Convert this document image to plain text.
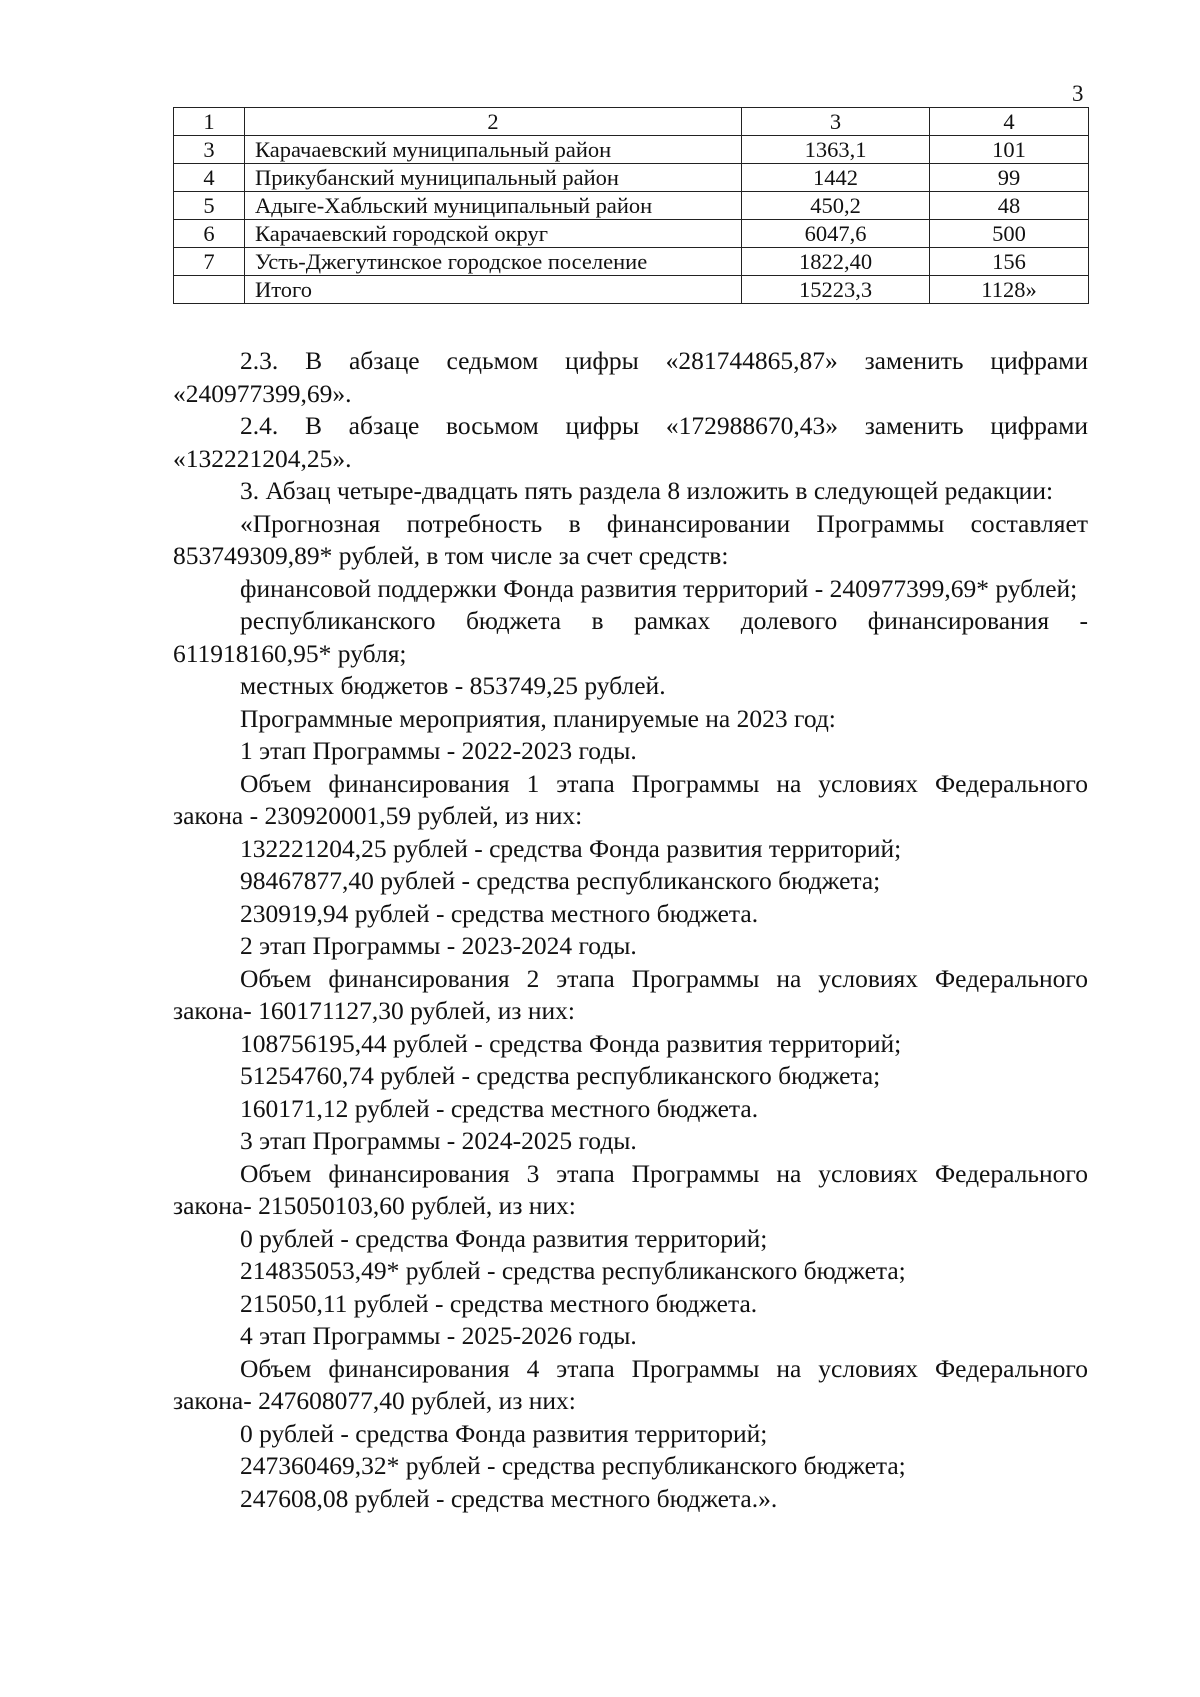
3
1	2	3	4
3	Карачаевский муниципальный район	1363,1	101
4	Прикубанский муниципальный район	1442	99
5	Адыге-Хабльский муниципальный район	450,2	48
6	Карачаевский городской округ	6047,6	500
7	Усть-Джегутинское городское поселение	1822,40	156
	Итого	15223,3	1128»

2.3. В абзаце седьмом цифры «281744865,87» заменить цифрами «240977399,69».

2.4. В абзаце восьмом цифры «172988670,43» заменить цифрами «132221204,25».

3. Абзац четыре-двадцать пять раздела 8 изложить в следующей редакции:

«Прогнозная потребность в финансировании Программы составляет 853749309,89* рублей, в том числе за счет средств:

финансовой поддержки Фонда развития территорий - 240977399,69* рублей;

республиканского бюджета в рамках долевого финансирования - 611918160,95* рубля;

местных бюджетов - 853749,25 рублей.

Программные мероприятия, планируемые на 2023 год:

1 этап Программы - 2022-2023 годы.

Объем финансирования 1 этапа Программы на условиях Федерального закона - 230920001,59 рублей, из них:

132221204,25 рублей - средства Фонда развития территорий;

98467877,40 рублей - средства республиканского бюджета;

230919,94 рублей - средства местного бюджета.

2 этап Программы - 2023-2024 годы.

Объем финансирования 2 этапа Программы на условиях Федерального закона- 160171127,30 рублей, из них:

108756195,44 рублей - средства Фонда развития территорий;

51254760,74 рублей - средства республиканского бюджета;

160171,12 рублей - средства местного бюджета.

3 этап Программы - 2024-2025 годы.

Объем финансирования 3 этапа Программы на условиях Федерального закона- 215050103,60 рублей, из них:

0 рублей - средства Фонда развития территорий;

214835053,49* рублей - средства республиканского бюджета;

215050,11 рублей - средства местного бюджета.

4 этап Программы - 2025-2026 годы.

Объем финансирования 4 этапа Программы на условиях Федерального закона- 247608077,40 рублей, из них:

0 рублей - средства Фонда развития территорий;

247360469,32* рублей - средства республиканского бюджета;

247608,08 рублей - средства местного бюджета.».
